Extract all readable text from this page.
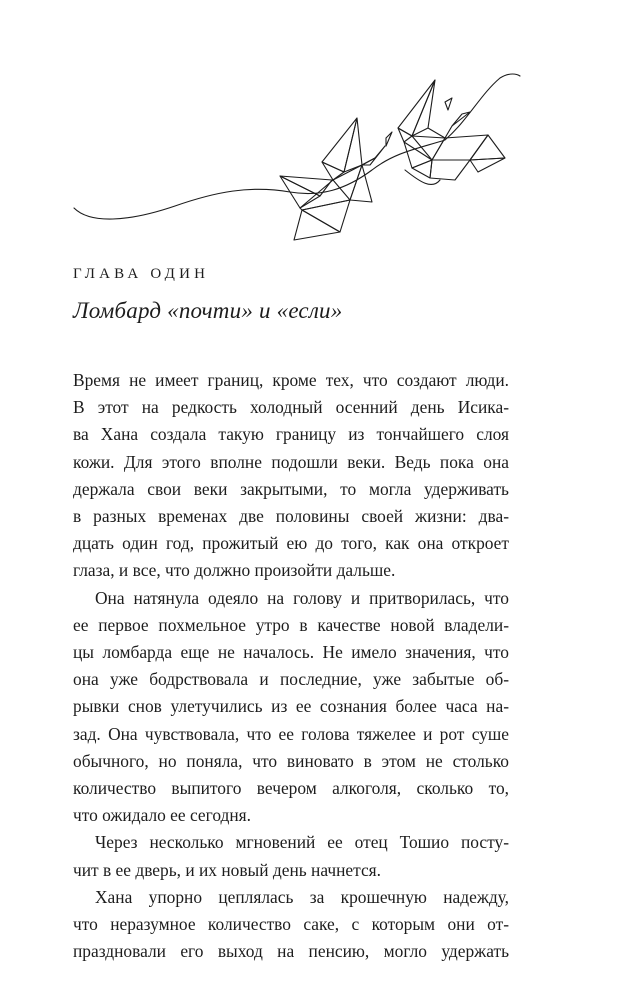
ГЛАВА ОДИН
Ломбард «почти» и «если»

Время не имеет границ, кроме тех, что создают люди.
В этот на редкость холодный осенний день Исика-
ва Хана создала такую границу из тончайшего слоя
кожи. Для этого вполне подошли веки. Ведь пока она
держала свои веки закрытыми, то могла удерживать
в разных временах две половины своей жизни: два-
дцать один год, прожитый ею до того, как она откроет
глаза, и все, что должно произойти дальше.

Она натянула одеяло на голову и притворилась, что
ее первое похмельное утро в качестве новой владели-
цы ломбарда еще не началось. Не имело значения, что
она уже бодрствовала и последние, уже забытые об-
рывки снов улетучились из ее сознания более часа на-
зад. Она чувствовала, что ее голова тяжелее и рот суше
обычного, но поняла, что виновато в этом не столько
количество выпитого вечером алкоголя, сколько то,
что ожидало ее сегодня.

Через несколько мгновений ее отец Тошио посту-
чит в ее дверь, и их новый день начнется.

Хана упорно цеплялась за крошечную надежду,
что неразумное количество саке, с которым они от-
праздновали его выход на пенсию, могло удержать
